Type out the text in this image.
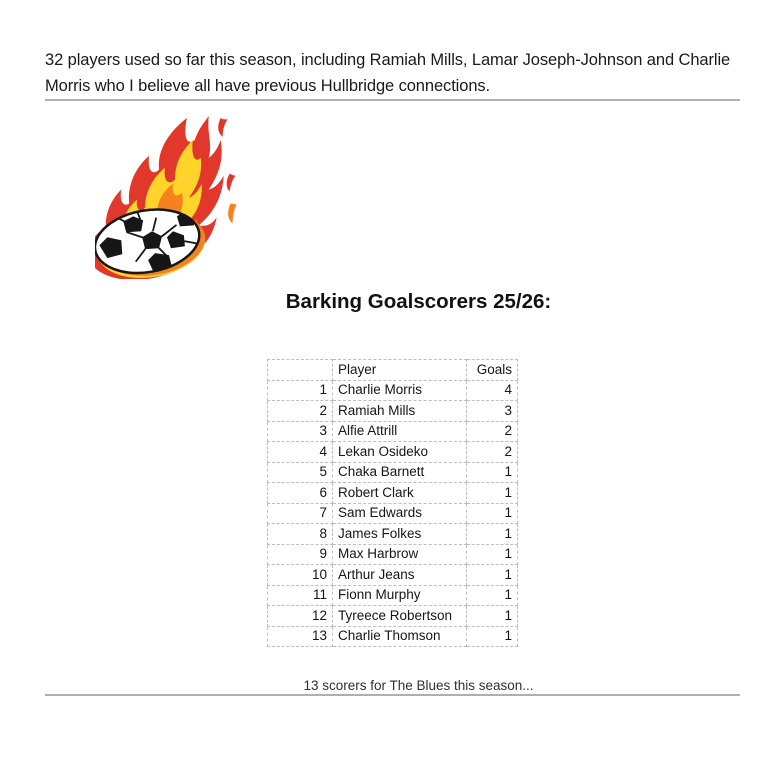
32 players used so far this season, including Ramiah Mills, Lamar Joseph-Johnson and Charlie Morris who I believe all have previous Hullbridge connections.

Barking Goalscorers 25/26:
	Player	Goals
1	Charlie Morris	4
2	Ramiah Mills	3
3	Alfie Attrill	2
4	Lekan Osideko	2
5	Chaka Barnett	1
6	Robert Clark	1
7	Sam Edwards	1
8	James Folkes	1
9	Max Harbrow	1
10	Arthur Jeans	1
11	Fionn Murphy	1
12	Tyreece Robertson	1
13	Charlie Thomson	1

13 scorers for The Blues this season...
